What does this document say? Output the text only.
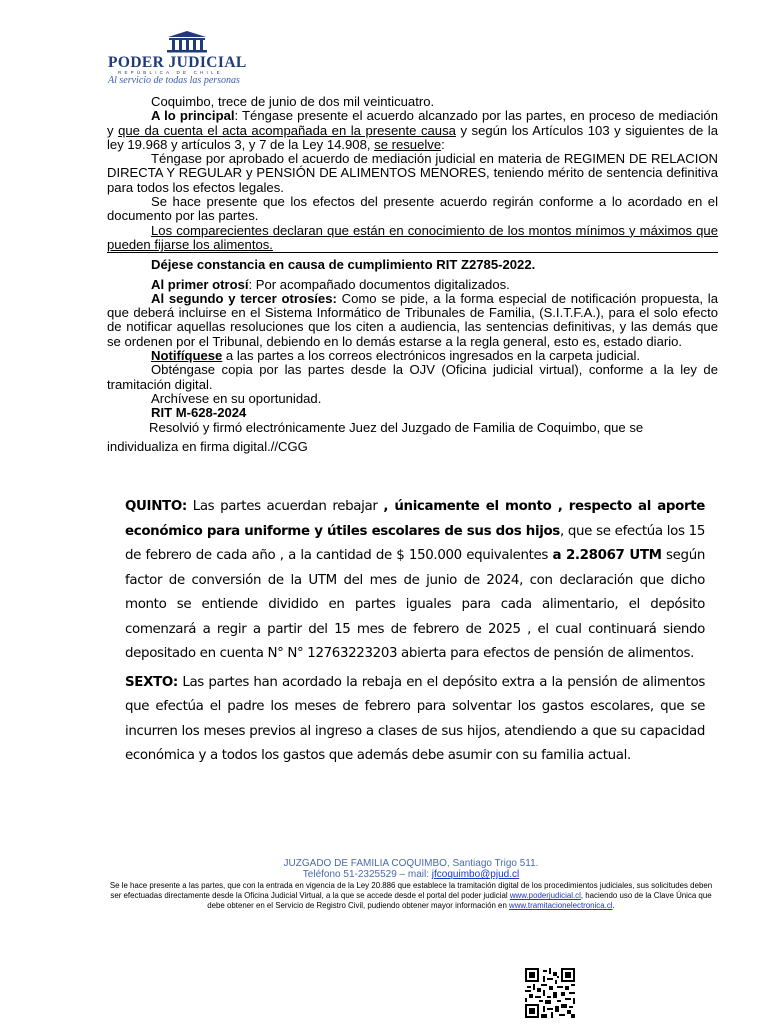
PODER JUDICIAL
REPÚBLICA DE CHILE
Al servicio de todas las personas

Coquimbo, trece de junio de dos mil veinticuatro.

A lo principal: Téngase presente el acuerdo alcanzado por las partes, en proceso de mediación y que da cuenta el acta acompañada en la presente causa y según los Artículos 103 y siguientes de la ley 19.968 y artículos 3, y 7 de la Ley 14.908, se resuelve:

Téngase por aprobado el acuerdo de mediación judicial en materia de REGIMEN DE RELACION DIRECTA Y REGULAR y PENSIÓN DE ALIMENTOS MENORES, teniendo mérito de sentencia definitiva para todos los efectos legales.

Se hace presente que los efectos del presente acuerdo regirán conforme a lo acordado en el documento por las partes.

Los comparecientes declaran que están en conocimiento de los montos mínimos y máximos que pueden fijarse los alimentos.

Déjese constancia en causa de cumplimiento RIT Z2785-2022.

Al primer otrosí: Por acompañado documentos digitalizados.

Al segundo y tercer otrosíes: Como se pide, a la forma especial de notificación propuesta, la que deberá incluirse en el Sistema Informático de Tribunales de Familia, (S.I.T.F.A.), para el solo efecto de notificar aquellas resoluciones que los citen a audiencia, las sentencias definitivas, y las demás que se ordenen por el Tribunal, debiendo en lo demás estarse a la regla general, esto es, estado diario.

Notifíquese a las partes a los correos electrónicos ingresados en la carpeta judicial.

Obténgase copia por las partes desde la OJV (Oficina judicial virtual), conforme a la ley de tramitación digital.

Archívese en su oportunidad.

RIT M-628-2024

Resolvió y firmó electrónicamente Juez del Juzgado de Familia de Coquimbo, que se

individualiza en firma digital.//CGG

QUINTO: Las partes acuerdan rebajar , únicamente el monto , respecto al aporte económico para uniforme y útiles escolares de sus dos hijos, que se efectúa los 15 de febrero de cada año , a la cantidad de $ 150.000 equivalentes a 2.28067 UTM según factor de conversión de la UTM del mes de junio de 2024, con declaración que dicho monto se entiende dividido en partes iguales para cada alimentario, el depósito comenzará a regir a partir del 15 mes de febrero de 2025 , el cual continuará siendo depositado en cuenta N° N° 12763223203 abierta para efectos de pensión de alimentos.

SEXTO: Las partes han acordado la rebaja en el depósito extra a la pensión de alimentos que efectúa el padre los meses de febrero para solventar los gastos escolares, que se incurren los meses previos al ingreso a clases de sus hijos, atendiendo a que su capacidad económica y a todos los gastos que además debe asumir con su familia actual.

JUZGADO DE FAMILIA COQUIMBO, Santiago Trigo 511.
Teléfono 51-2325529 – mail: jfcoquimbo@pjud.cl
Se le hace presente a las partes, que con la entrada en vigencia de la Ley 20.886 que establece la tramitación digital de los procedimientos judiciales, sus solicitudes deben ser efectuadas directamente desde la Oficina Judicial Virtual, a la que se accede desde el portal del poder judicial www.poderjudicial.cl, haciendo uso de la Clave Única que debe obtener en el Servicio de Registro Civil, pudiendo obtener mayor información en www.tramitacionelectronica.cl.
